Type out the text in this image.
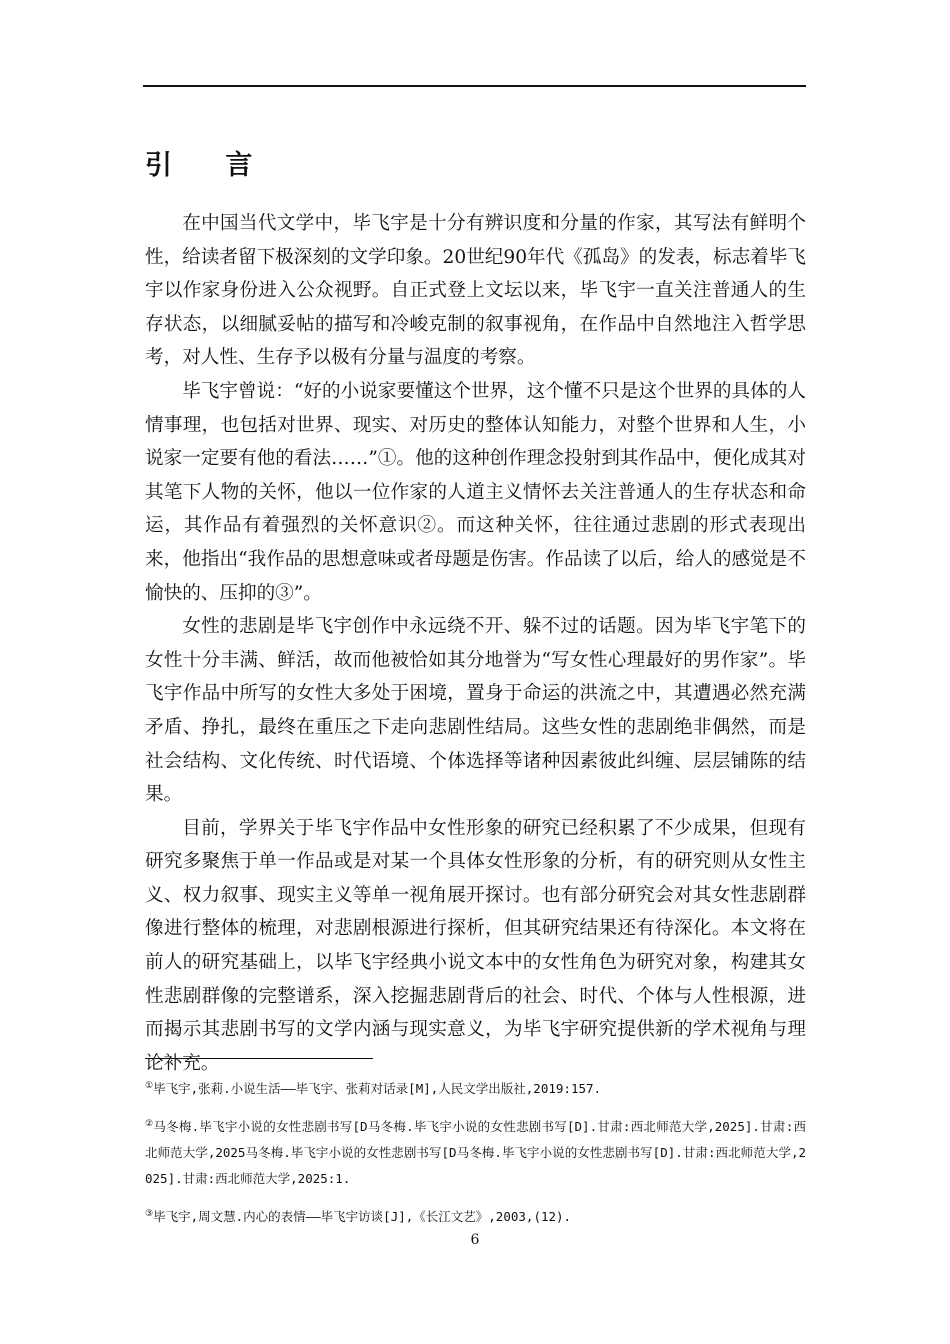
引 言

在中国当代文学中，毕飞宇是十分有辨识度和分量的作家，其写法有鲜明个性，给读者留下极深刻的文学印象。20世纪90年代《孤岛》的发表，标志着毕飞宇以作家身份进入公众视野。自正式登上文坛以来，毕飞宇一直关注普通人的生存状态，以细腻妥帖的描写和冷峻克制的叙事视角，在作品中自然地注入哲学思考，对人性、生存予以极有分量与温度的考察。

毕飞宇曾说：“好的小说家要懂这个世界，这个懂不只是这个世界的具体的人情事理，也包括对世界、现实、对历史的整体认知能力，对整个世界和人生，小说家一定要有他的看法……”①。他的这种创作理念投射到其作品中，便化成其对其笔下人物的关怀，他以一位作家的人道主义情怀去关注普通人的生存状态和命运，其作品有着强烈的关怀意识②。而这种关怀，往往通过悲剧的形式表现出来，他指出“我作品的思想意味或者母题是伤害。作品读了以后，给人的感觉是不愉快的、压抑的③”。

女性的悲剧是毕飞宇创作中永远绕不开、躲不过的话题。因为毕飞宇笔下的女性十分丰满、鲜活，故而他被恰如其分地誉为“写女性心理最好的男作家”。毕飞宇作品中所写的女性大多处于困境，置身于命运的洪流之中，其遭遇必然充满矛盾、挣扎，最终在重压之下走向悲剧性结局。这些女性的悲剧绝非偶然，而是社会结构、文化传统、时代语境、个体选择等诸种因素彼此纠缠、层层铺陈的结果。

目前，学界关于毕飞宇作品中女性形象的研究已经积累了不少成果，但现有研究多聚焦于单一作品或是对某一个具体女性形象的分析，有的研究则从女性主义、权力叙事、现实主义等单一视角展开探讨。也有部分研究会对其女性悲剧群像进行整体的梳理，对悲剧根源进行探析，但其研究结果还有待深化。本文将在前人的研究基础上，以毕飞宇经典小说文本中的女性角色为研究对象，构建其女性悲剧群像的完整谱系，深入挖掘悲剧背后的社会、时代、个体与人性根源，进而揭示其悲剧书写的文学内涵与现实意义，为毕飞宇研究提供新的学术视角与理论补充。

①毕飞宇,张莉.小说生活——毕飞宇、张莉对话录[M],人民文学出版社,2019:157.

②马冬梅.毕飞宇小说的女性悲剧书写[D马冬梅.毕飞宇小说的女性悲剧书写[D].甘肃:西北师范大学,2025].甘肃:西北师范大学,2025马冬梅.毕飞宇小说的女性悲剧书写[D马冬梅.毕飞宇小说的女性悲剧书写[D].甘肃:西北师范大学,2025].甘肃:西北师范大学,2025:1.

③毕飞宇,周文慧.内心的表情——毕飞宇访谈[J],《长江文艺》,2003,(12).

6
